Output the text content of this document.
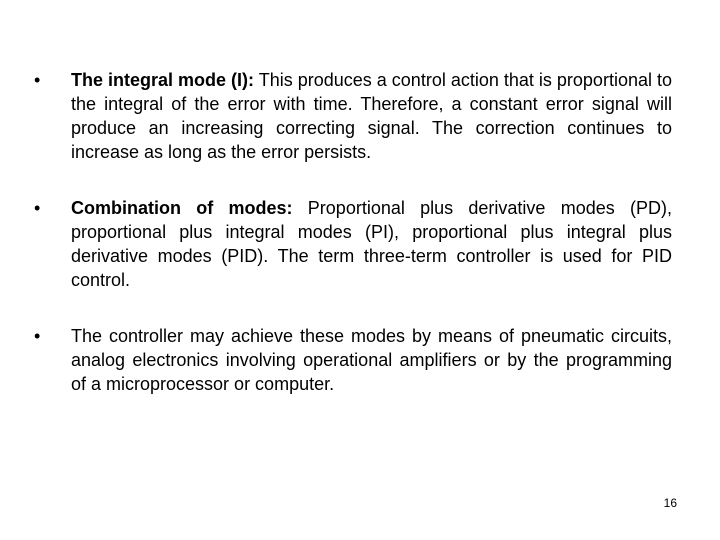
•	The integral mode (I): This produces a control action that is proportional to the integral of the error with time. Therefore, a constant error signal will produce an increasing correcting signal. The correction continues to increase as long as the error persists.
•	Combination of modes: Proportional plus derivative modes (PD), proportional plus integral modes (PI), proportional plus integral plus derivative modes (PID). The term three-term controller is used for PID control.
•	The controller may achieve these modes by means of pneumatic circuits, analog electronics involving operational amplifiers or by the programming of a microprocessor or computer.
16
